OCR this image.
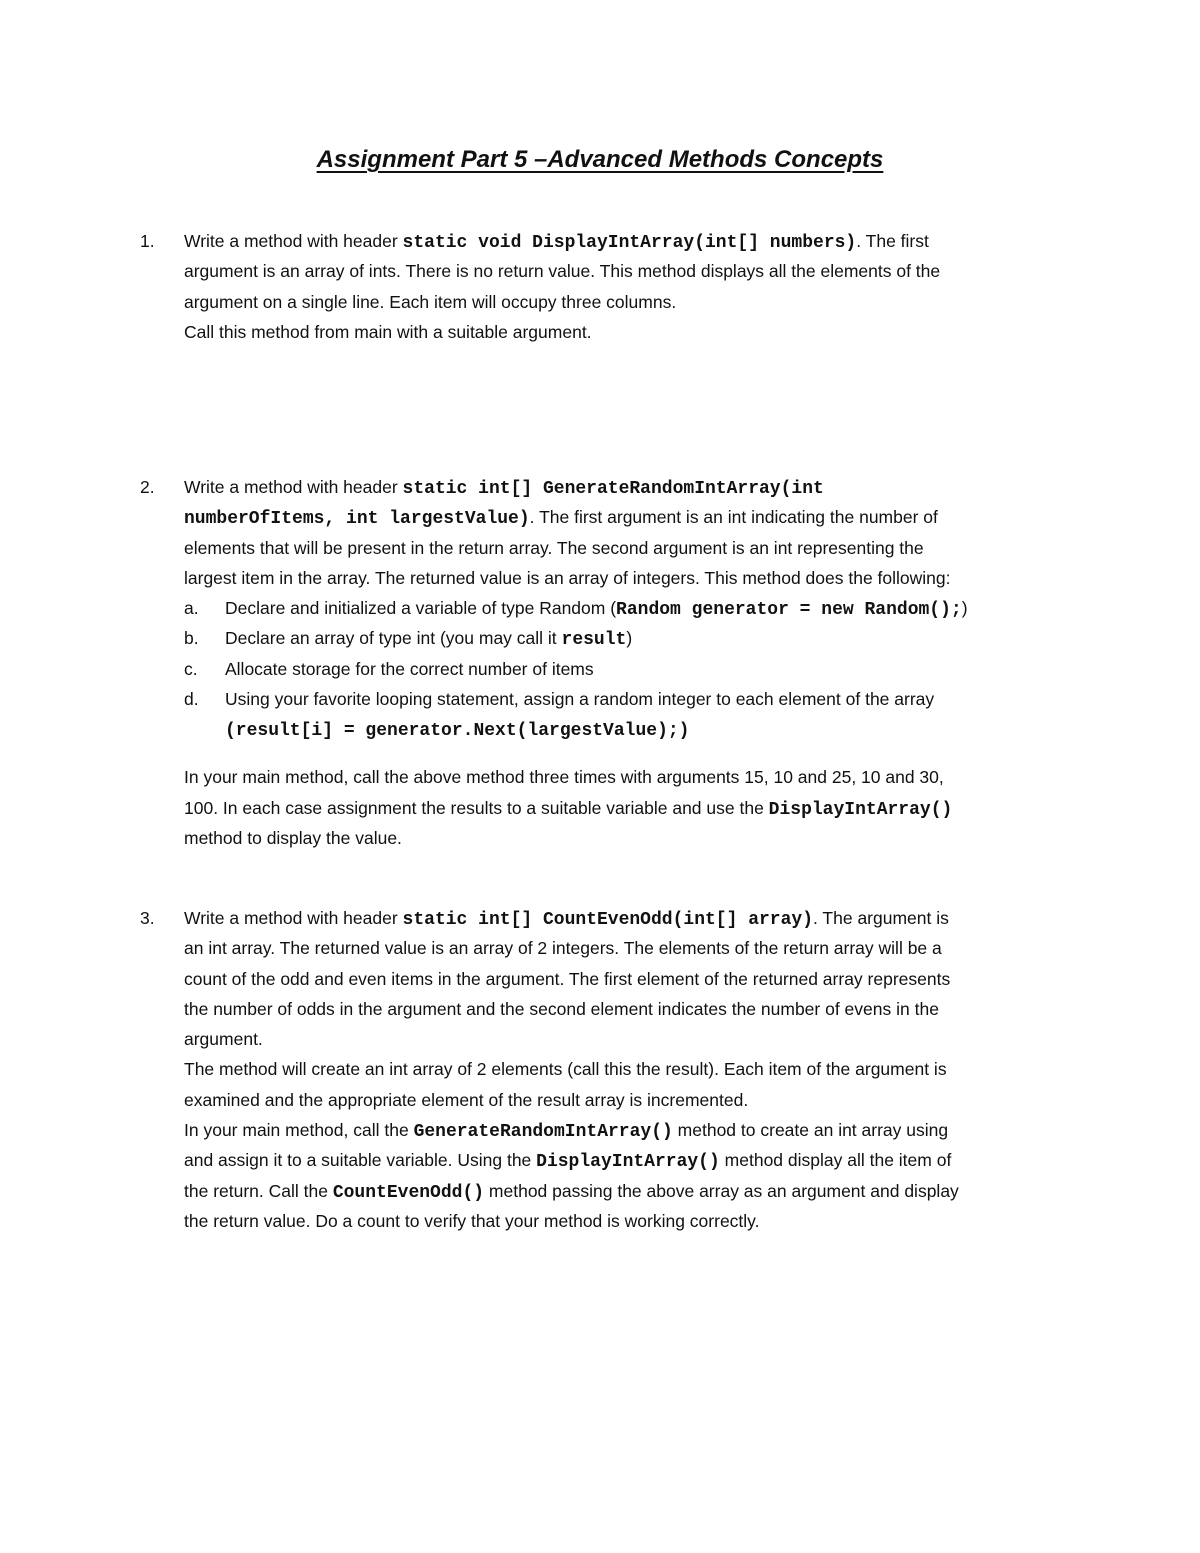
Assignment Part 5 –Advanced Methods Concepts
1.	Write a method with header static void DisplayIntArray(int[] numbers). The first
argument is an array of ints. There is no return value. This method displays all the elements of the
argument on a single line. Each item will occupy three columns.
Call this method from main with a suitable argument.
2.	Write a method with header static int[] GenerateRandomIntArray(int
numberOfItems, int largestValue). The first argument is an int indicating the number of
elements that will be present in the return array. The second argument is an int representing the
largest item in the array. The returned value is an array of integers. This method does the following:
a. Declare and initialized a variable of type Random (Random generator = new Random();)
b. Declare an array of type int (you may call it result)
c. Allocate storage for the correct number of items
d. Using your favorite looping statement, assign a random integer to each element of the array
(result[i] = generator.Next(largestValue);)
In your main method, call the above method three times with arguments 15, 10 and 25, 10 and 30,
100. In each case assignment the results to a suitable variable and use the DisplayIntArray()
method to display the value.
3.	Write a method with header static int[] CountEvenOdd(int[] array). The argument is
an int array. The returned value is an array of 2 integers. The elements of the return array will be a
count of the odd and even items in the argument. The first element of the returned array represents
the number of odds in the argument and the second element indicates the number of evens in the
argument.
The method will create an int array of 2 elements (call this the result). Each item of the argument is
examined and the appropriate element of the result array is incremented.
In your main method, call the GenerateRandomIntArray() method to create an int array using
and assign it to a suitable variable. Using the DisplayIntArray() method display all the item of
the return. Call the CountEvenOdd() method passing the above array as an argument and display
the return value. Do a count to verify that your method is working correctly.
